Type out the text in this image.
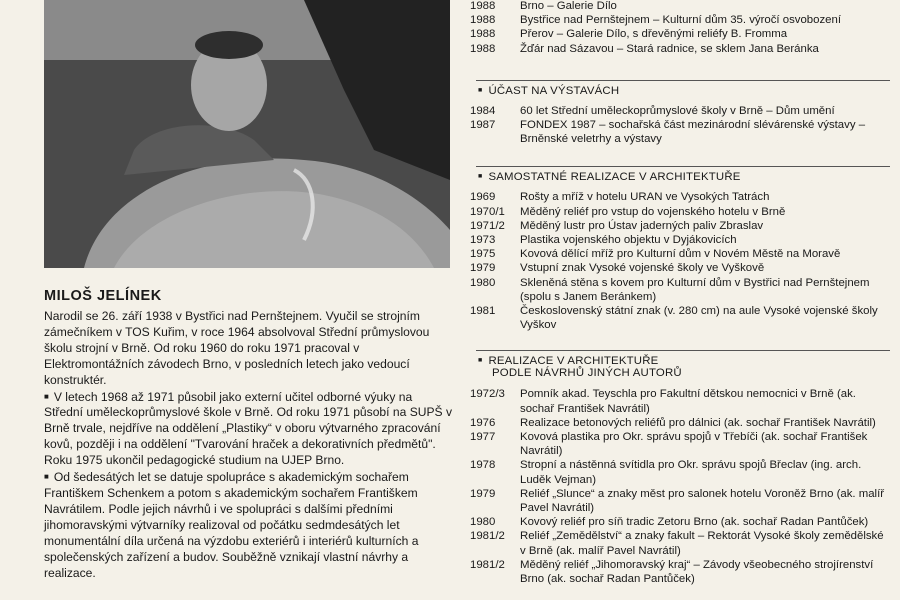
MILOŠ JELÍNEK

Narodil se 26. září 1938 v Bystřici nad Pernštejnem. Vyučil se strojním zámečníkem v TOS Kuřim, v roce 1964 absolvoval Střední průmyslovou školu strojní v Brně. Od roku 1960 do roku 1971 pracoval v Elektromontážních závodech Brno, v posledních letech jako vedoucí konstruktér.

■ V letech 1968 až 1971 působil jako externí učitel odborné výuky na Střední uměleckoprůmyslové škole v Brně. Od roku 1971 působí na SUPŠ v Brně trvale, nejdříve na oddělení „Plastiky“ v oboru výtvarného zpracování kovů, později i na oddělení "Tvarování hraček a dekorativních předmětů". Roku 1975 ukončil pedagogické studium na UJEP Brno.

■ Od šedesátých let se datuje spolupráce s akademickým sochařem Františkem Schenkem a potom s akademickým sochařem Františkem Navrátilem. Podle jejich návrhů i ve spolupráci s dalšími předními jihomoravskými výtvarníky realizoval od počátku sedmdesátých let monumentální díla určená na výzdobu exteriérů i interiérů kulturních a společenských zařízení a budov. Souběžně vznikají vlastní návrhy a realizace.

1988	Brno – Galerie Dílo
1988	Bystřice nad Pernštejnem – Kulturní dům 35. výročí osvobození
1988	Přerov – Galerie Dílo, s dřevěnými reliéfy B. Fromma
1988	Žďár nad Sázavou – Stará radnice, se sklem Jana Beránka
■ ÚČAST NA VÝSTAVÁCH
1984	60 let Střední uměleckoprůmyslové školy v Brně – Dům umění
1987	FONDEX 1987 – sochařská část mezinárodní slévárenské výstavy – Brněnské veletrhy a výstavy
■ SAMOSTATNÉ REALIZACE V ARCHITEKTUŘE
1969	Rošty a mříž v hotelu URAN ve Vysokých Tatrách
1970/1	Měděný reliéf pro vstup do vojenského hotelu v Brně
1971/2	Měděný lustr pro Ústav jaderných paliv Zbraslav
1973	Plastika vojenského objektu v Dyjákovicích
1975	Kovová dělící mříž pro Kulturní dům v Novém Městě na Moravě
1979	Vstupní znak Vysoké vojenské školy ve Vyškově
1980	Skleněná stěna s kovem pro Kulturní dům v Bystřici nad Pernštejnem (spolu s Janem Beránkem)
1981	Československý státní znak (v. 280 cm) na aule Vysoké vojenské školy Vyškov
■ REALIZACE V ARCHITEKTUŘE
PODLE NÁVRHŮ JINÝCH AUTORŮ
1972/3	Pomník akad. Teyschla pro Fakultní dětskou nemocnici v Brně (ak. sochař František Navrátil)
1976	Realizace betonových reliéfů pro dálnici (ak. sochař František Navrátil)
1977	Kovová plastika pro Okr. správu spojů v Třebíči (ak. sochař František Navrátil)
1978	Stropní a nástěnná svítidla pro Okr. správu spojů Břeclav (ing. arch. Luděk Vejman)
1979	Reliéf „Slunce“ a znaky měst pro salonek hotelu Voroněž Brno (ak. malíř Pavel Navrátil)
1980	Kovový reliéf pro síň tradic Zetoru Brno (ak. sochař Radan Pantůček)
1981/2	Reliéf „Zemědělství“ a znaky fakult – Rektorát Vysoké školy zemědělské v Brně (ak. malíř Pavel Navrátil)
1981/2	Měděný reliéf „Jihomoravský kraj“ – Závody všeobecného strojírenství Brno (ak. sochař Radan Pantůček)
